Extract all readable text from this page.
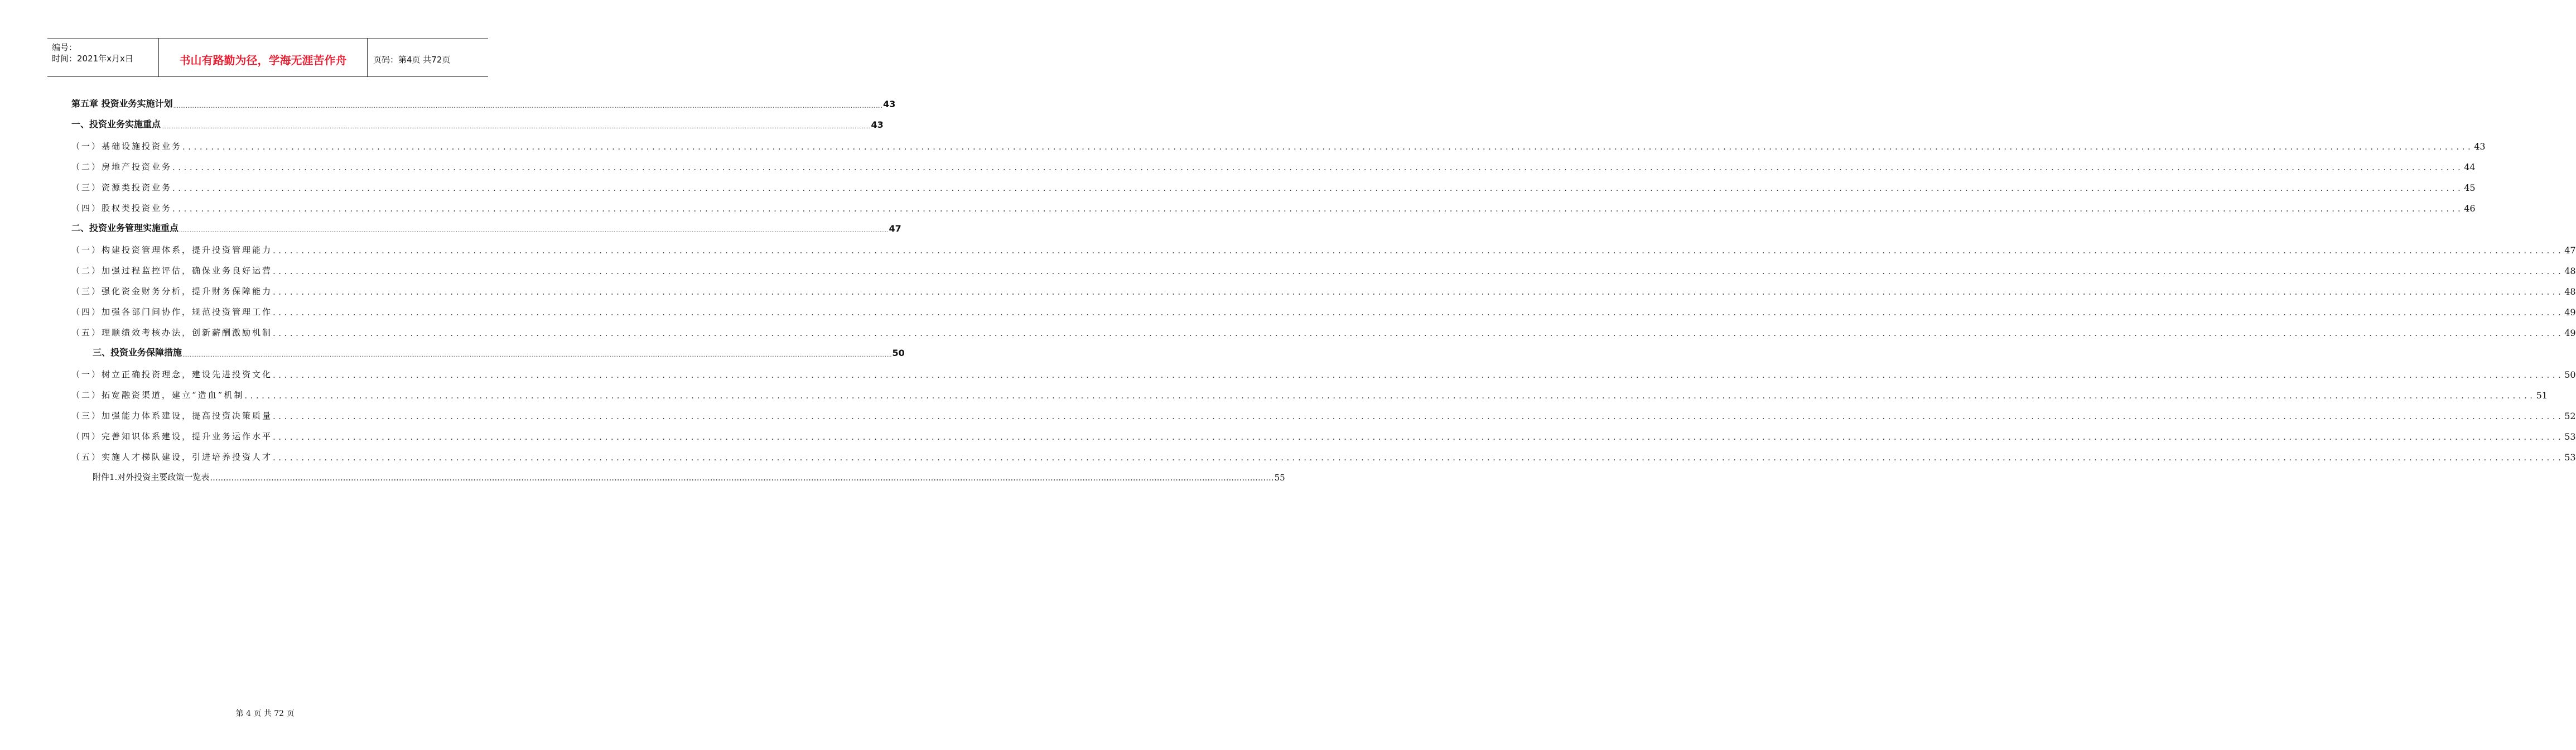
编号：
时间：2021年x月x日	书山有路勤为径，学海无涯苦作舟	页码：第4页 共72页
第五章 投资业务实施计划 ................................................................................................................................................................................................................................................................................................................................................................................................................ 43
一、投资业务实施重点 ................................................................................................................................................................................................................................................................................................................................................................................................................ 43
（一）基础设施投资业务 ................................................................................................................................................................................................................................................................................................................................................................................................................ 43
（二）房地产投资业务 ................................................................................................................................................................................................................................................................................................................................................................................................................ 44
（三）资源类投资业务 ................................................................................................................................................................................................................................................................................................................................................................................................................ 45
（四）股权类投资业务 ................................................................................................................................................................................................................................................................................................................................................................................................................ 46
二、投资业务管理实施重点 ................................................................................................................................................................................................................................................................................................................................................................................................................ 47
（一）构建投资管理体系，提升投资管理能力 ................................................................................................................................................................................................................................................................................................................................................................................................................ 47
（二）加强过程监控评估，确保业务良好运营 ................................................................................................................................................................................................................................................................................................................................................................................................................ 48
（三）强化资金财务分析，提升财务保障能力 ................................................................................................................................................................................................................................................................................................................................................................................................................ 48
（四）加强各部门间协作，规范投资管理工作 ................................................................................................................................................................................................................................................................................................................................................................................................................ 49
（五）理顺绩效考核办法，创新薪酬激励机制 ................................................................................................................................................................................................................................................................................................................................................................................................................ 49
三、投资业务保障措施 ................................................................................................................................................................................................................................................................................................................................................................................................................ 50
（一）树立正确投资理念，建设先进投资文化 ................................................................................................................................................................................................................................................................................................................................................................................................................ 50
（二）拓宽融资渠道，建立“造血”机制 ................................................................................................................................................................................................................................................................................................................................................................................................................ 51
（三）加强能力体系建设，提高投资决策质量 ................................................................................................................................................................................................................................................................................................................................................................................................................ 52
（四）完善知识体系建设，提升业务运作水平 ................................................................................................................................................................................................................................................................................................................................................................................................................ 53
（五）实施人才梯队建设，引进培养投资人才 ................................................................................................................................................................................................................................................................................................................................................................................................................ 53
附件1.对外投资主要政策一览表 ................................................................................................................................................................................................................................................................................................................................................................................................................ 55
第 4 页 共 72 页
